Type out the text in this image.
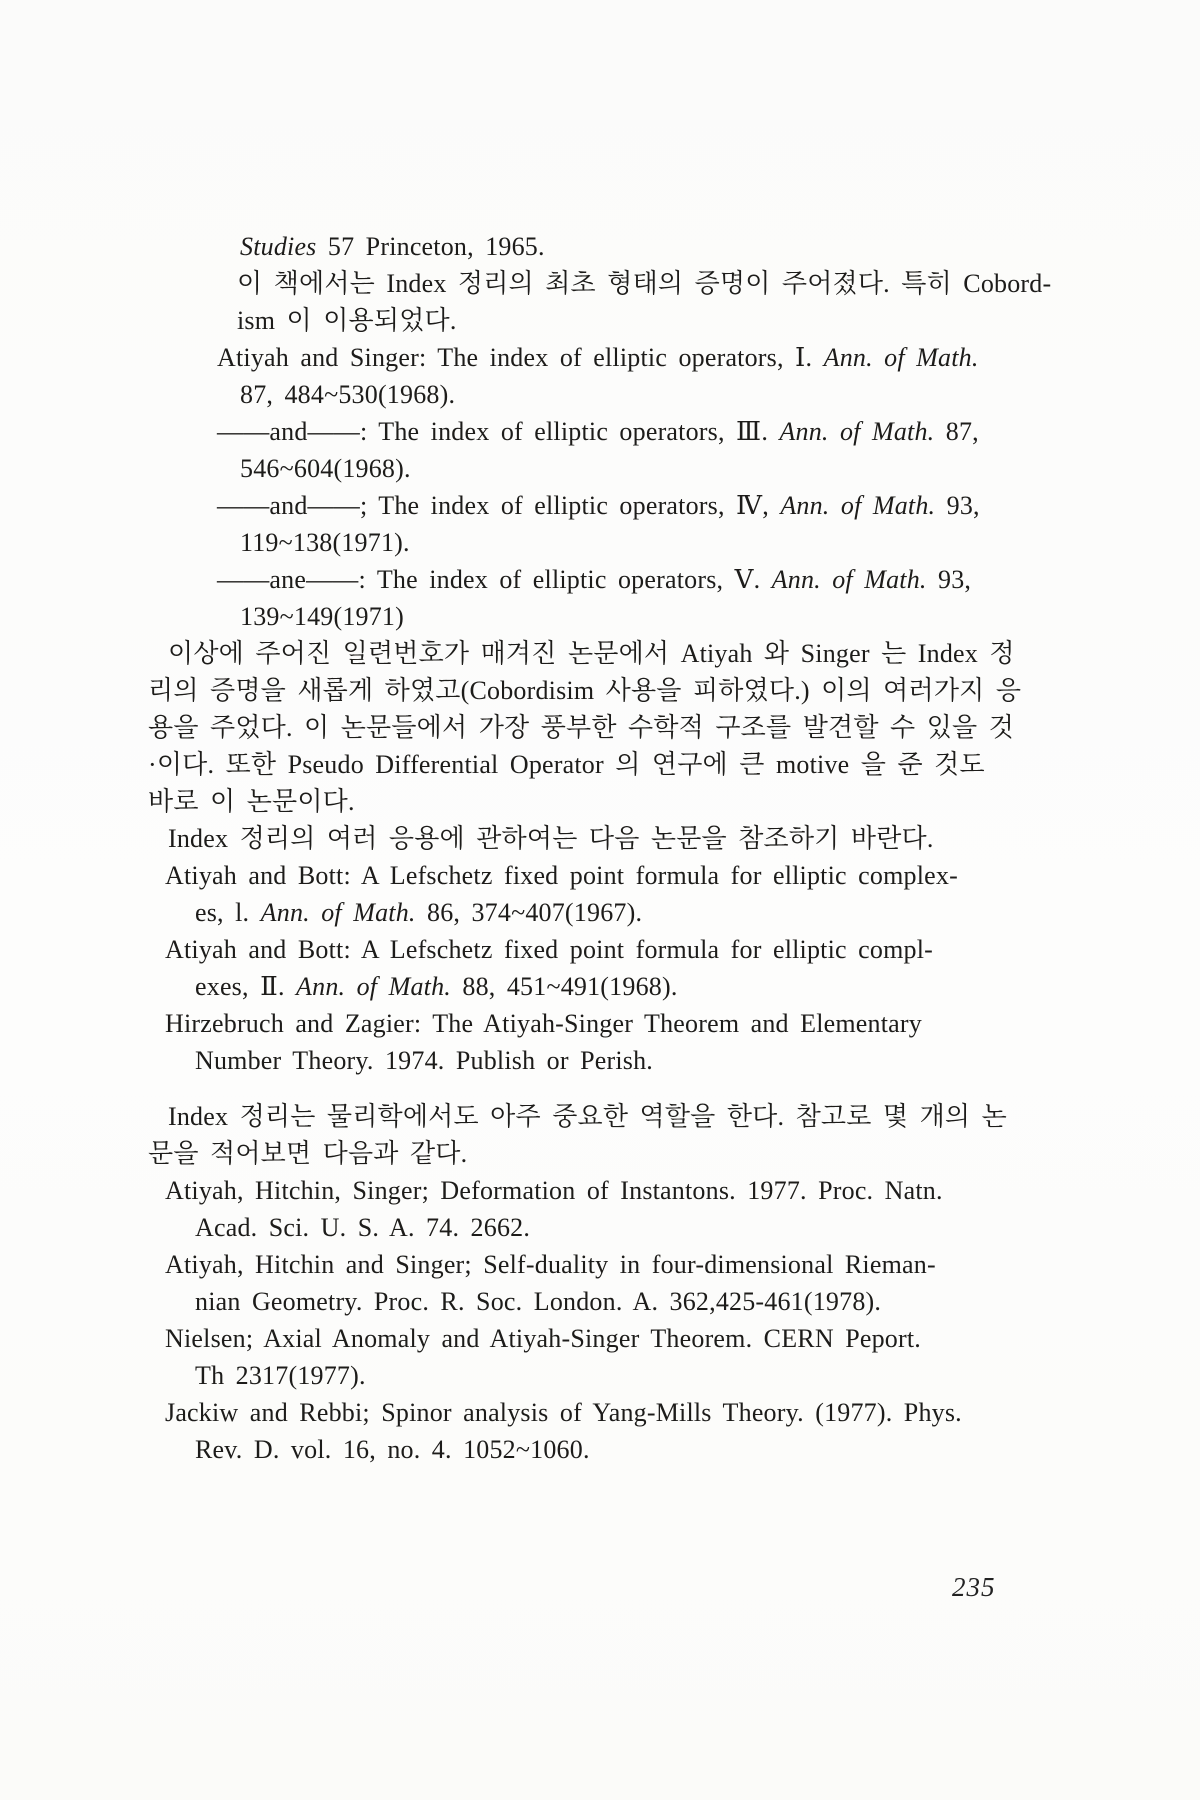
Studies 57 Princeton, 1965.
이 책에서는 Index 정리의 최초 형태의 증명이 주어졌다. 특히 Cobord-
ism 이 이용되었다.
Atiyah and Singer: The index of elliptic operators, Ⅰ. Ann. of Math.
87, 484~530(1968).
——and——: The index of elliptic operators, Ⅲ. Ann. of Math. 87,
546~604(1968).
——and——; The index of elliptic operators, Ⅳ, Ann. of Math. 93,
119~138(1971).
——ane——: The index of elliptic operators, Ⅴ. Ann. of Math. 93,
139~149(1971)
이상에 주어진 일련번호가 매겨진 논문에서 Atiyah 와 Singer 는 Index 정
리의 증명을 새롭게 하였고(Cobordisim 사용을 피하였다.) 이의 여러가지 응
용을 주었다. 이 논문들에서 가장 풍부한 수학적 구조를 발견할 수 있을 것
·이다. 또한 Pseudo Differential Operator 의 연구에 큰 motive 을 준 것도
바로 이 논문이다.
Index 정리의 여러 응용에 관하여는 다음 논문을 참조하기 바란다.
Atiyah and Bott: A Lefschetz fixed point formula for elliptic complex-
es, l. Ann. of Math. 86, 374~407(1967).
Atiyah and Bott: A Lefschetz fixed point formula for elliptic compl-
exes, Ⅱ. Ann. of Math. 88, 451~491(1968).
Hirzebruch and Zagier: The Atiyah-Singer Theorem and Elementary
Number Theory. 1974. Publish or Perish.
Index 정리는 물리학에서도 아주 중요한 역할을 한다. 참고로 몇 개의 논
문을 적어보면 다음과 같다.
Atiyah, Hitchin, Singer; Deformation of Instantons. 1977. Proc. Natn.
Acad. Sci. U. S. A. 74. 2662.
Atiyah, Hitchin and Singer; Self-duality in four-dimensional Rieman-
nian Geometry. Proc. R. Soc. London. A. 362,425-461(1978).
Nielsen; Axial Anomaly and Atiyah-Singer Theorem. CERN Peport.
Th 2317(1977).
Jackiw and Rebbi; Spinor analysis of Yang-Mills Theory. (1977). Phys.
Rev. D. vol. 16, no. 4. 1052~1060.
235
